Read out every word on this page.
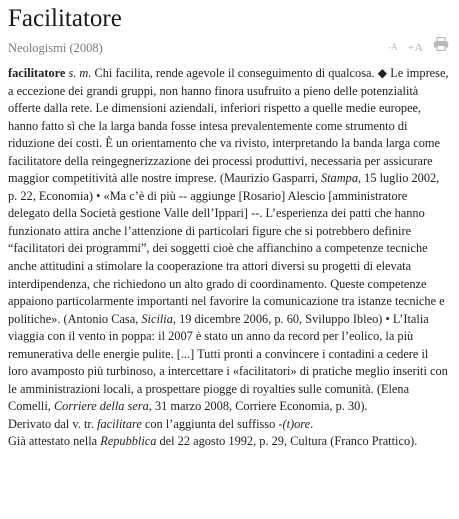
Facilitatore
Neologismi (2008)	-A +A

facilitatore s. m. Chi facilita, rende agevole il conseguimento di qualcosa. ◆ Le imprese, a eccezione dei grandi gruppi, non hanno finora usufruito a pieno delle potenzialità offerte dalla rete. Le dimensioni aziendali, inferiori rispetto a quelle medie europee, hanno fatto sì che la larga banda fosse intesa prevalentemente come strumento di riduzione dei costi. È un orientamento che va rivisto, interpretando la banda larga come facilitatore della reingegnerizzazione dei processi produttivi, necessaria per assicurare maggior competitività alle nostre imprese. (Maurizio Gasparri, Stampa, 15 luglio 2002, p. 22, Economia) • «Ma c’è di più -- aggiunge [Rosario] Alescio [amministratore delegato della Società gestione Valle dell’Ippari] --. L’esperienza dei patti che hanno funzionato attira anche l’attenzione di particolari figure che si potrebbero definire “facilitatori dei programmi”, dei soggetti cioè che affianchino a competenze tecniche anche attitudini a stimolare la cooperazione tra attori diversi su progetti di elevata interdipendenza, che richiedono un alto grado di coordinamento. Queste competenze appaiono particolarmente importanti nel favorire la comunicazione tra istanze tecniche e politiche». (Antonio Casa, Sicilia, 19 dicembre 2006, p. 60, Sviluppo Ibleo) • L’Italia viaggia con il vento in poppa: il 2007 è stato un anno da record per l’eolico, la più remunerativa delle energie pulite. [...] Tutti pronti a convincere i contadini a cedere il loro avamposto più turbinoso, a intercettare i «facilitatori» di pratiche meglio inseriti con le amministrazioni locali, a prospettare piogge di royalties sulle comunità. (Elena Comelli, Corriere della sera, 31 marzo 2008, Corriere Economia, p. 30).

Derivato dal v. tr. facilitare con l’aggiunta del suffisso -(t)ore.

Già attestato nella Repubblica del 22 agosto 1992, p. 29, Cultura (Franco Prattico).
